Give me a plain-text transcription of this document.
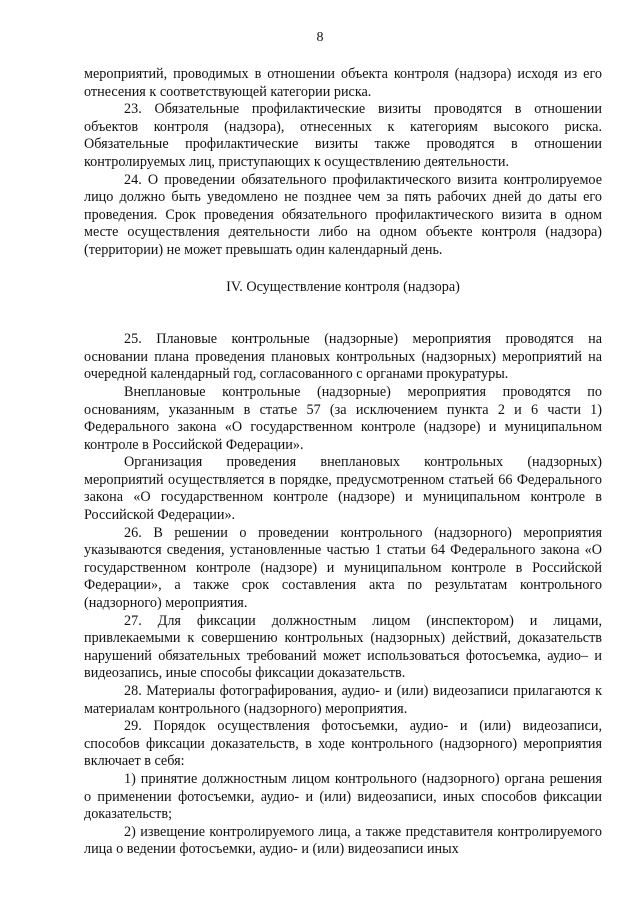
8

мероприятий, проводимых в отношении объекта контроля (надзора) исходя из его отнесения к соответствующей категории риска.

23. Обязательные профилактические визиты проводятся в отношении объектов контроля (надзора), отнесенных к категориям высокого риска. Обязательные профилактические визиты также проводятся в отношении контролируемых лиц, приступающих к осуществлению деятельности.

24. О проведении обязательного профилактического визита контролируемое лицо должно быть уведомлено не позднее чем за пять рабочих дней до даты его проведения. Срок проведения обязательного профилактического визита в одном месте осуществления деятельности либо на одном объекте контроля (надзора) (территории) не может превышать один календарный день.

IV. Осуществление контроля (надзора)

25. Плановые контрольные (надзорные) мероприятия проводятся на основании плана проведения плановых контрольных (надзорных) мероприятий на очередной календарный год, согласованного с органами прокуратуры.

Внеплановые контрольные (надзорные) мероприятия проводятся по основаниям, указанным в статье 57 (за исключением пункта 2 и 6 части 1) Федерального закона «О государственном контроле (надзоре) и муниципальном контроле в Российской Федерации».

Организация проведения внеплановых контрольных (надзорных) мероприятий осуществляется в порядке, предусмотренном статьей 66 Федерального закона «О государственном контроле (надзоре) и муниципальном контроле в Российской Федерации».

26. В решении о проведении контрольного (надзорного) мероприятия указываются сведения, установленные частью 1 статьи 64 Федерального закона «О государственном контроле (надзоре) и муниципальном контроле в Российской Федерации», а также срок составления акта по результатам контрольного (надзорного) мероприятия.

27. Для фиксации должностным лицом (инспектором) и лицами, привлекаемыми к совершению контрольных (надзорных) действий, доказательств нарушений обязательных требований может использоваться фотосъемка, аудио– и видеозапись, иные способы фиксации доказательств.

28. Материалы фотографирования, аудио- и (или) видеозаписи прилагаются к материалам контрольного (надзорного) мероприятия.

29. Порядок осуществления фотосъемки, аудио- и (или) видеозаписи, способов фиксации доказательств, в ходе контрольного (надзорного) мероприятия включает в себя:

1) принятие должностным лицом контрольного (надзорного) органа решения о применении фотосъемки, аудио- и (или) видеозаписи, иных способов фиксации доказательств;

2) извещение контролируемого лица, а также представителя контролируемого лица о ведении фотосъемки, аудио- и (или) видеозаписи иных
